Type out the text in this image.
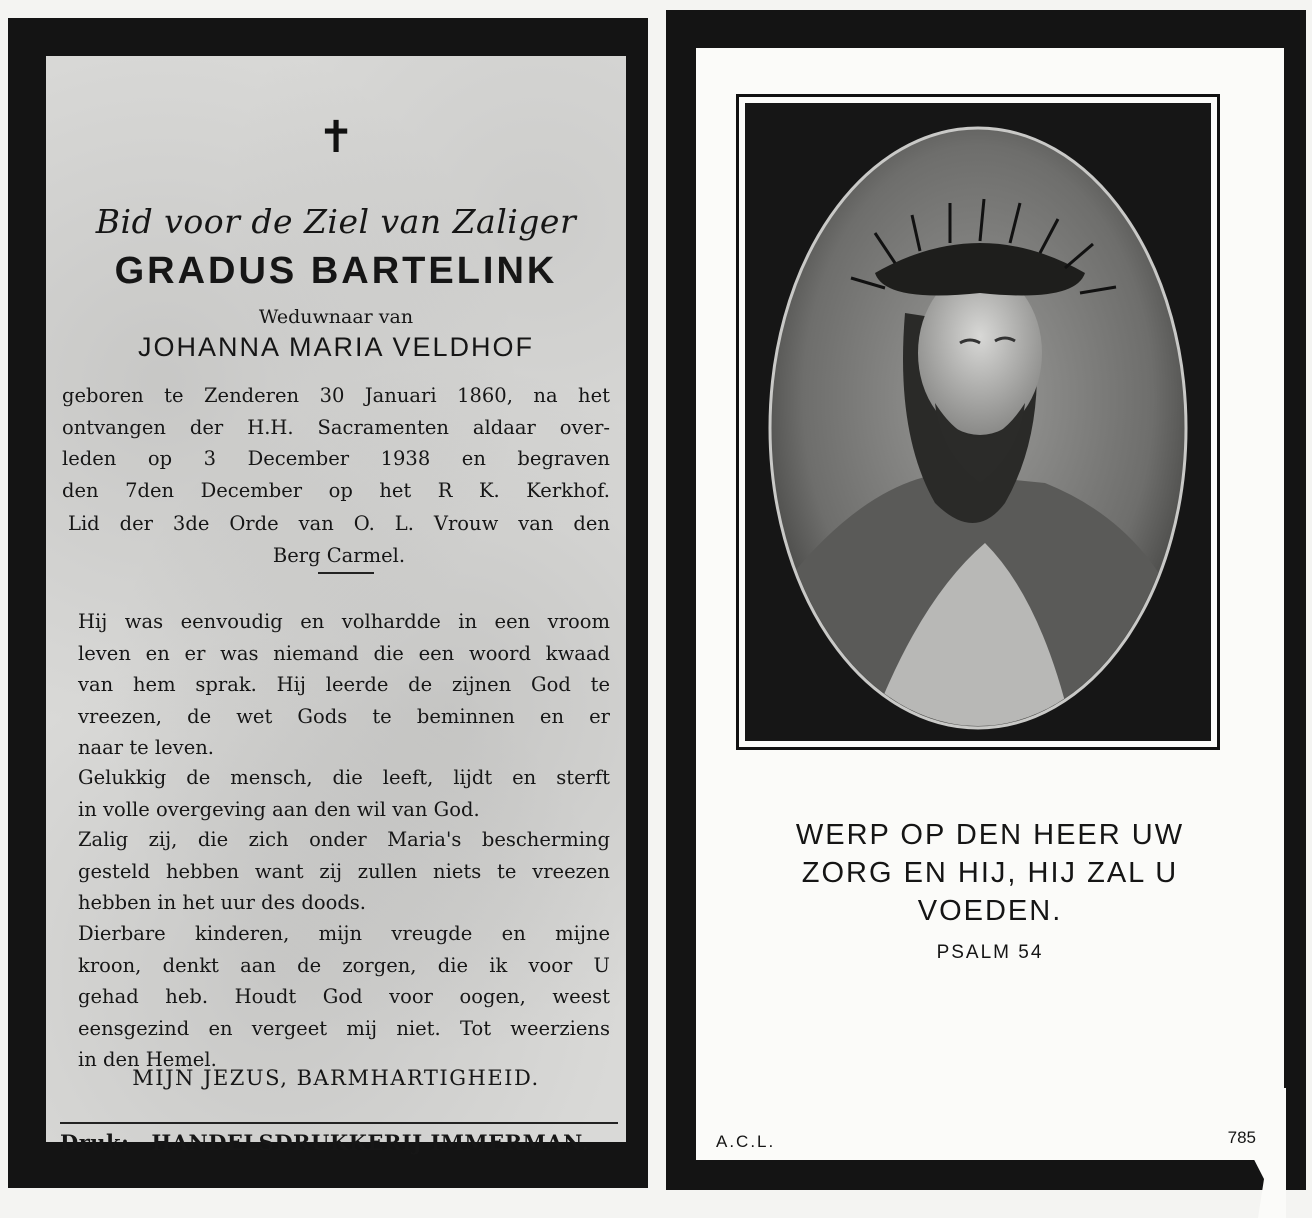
✝
Bid voor de Ziel van Zaliger
GRADUS BARTELINK
Weduwnaar van
JOHANNA MARIA VELDHOF
geboren te Zenderen 30 Januari 1860, na het
ontvangen der H.H. Sacramenten aldaar over-
leden op 3 December 1938 en begraven
den 7den December op het R K. Kerkhof.
Lid der 3de Orde van O. L. Vrouw van den
Berg Carmel.
Hij was eenvoudig en volhardde in een vroom
leven en er was niemand die een woord kwaad
van hem sprak. Hij leerde de zijnen God te
vreezen, de wet Gods te beminnen en er
naar te leven.
Gelukkig de mensch, die leeft, lijdt en sterft
in volle overgeving aan den wil van God.
Zalig zij, die zich onder Maria's bescherming
gesteld hebben want zij zullen niets te vreezen
hebben in het uur des doods.
Dierbare kinderen, mijn vreugde en mijne
kroon, denkt aan de zorgen, die ik voor U
gehad heb. Houdt God voor oogen, weest
eensgezind en vergeet mij niet. Tot weerziens
in den Hemel.
MIJN JEZUS, BARMHARTIGHEID.
Druk: HANDELSDRUKKERIJ IMMERMAN.
WERP OP DEN HEER UW
ZORG EN HIJ, HIJ ZAL U
VOEDEN.
PSALM 54
A.C.L.	785
